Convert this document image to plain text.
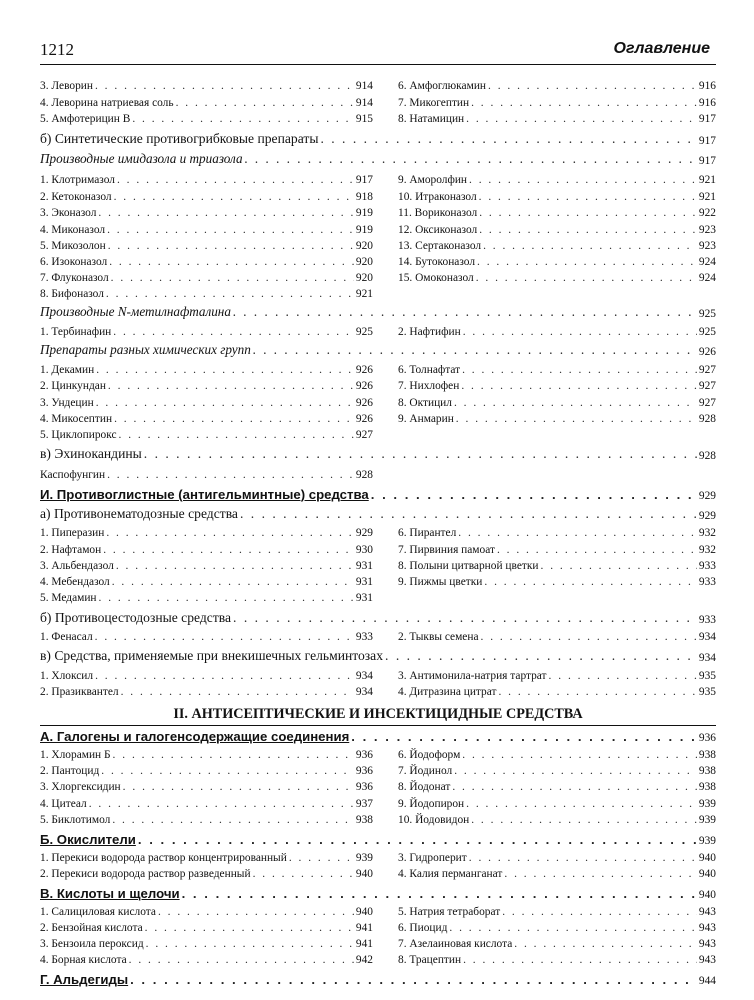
1212	Оглавление
3. Леворин . . .	914 6. Амфоглюкамин . . .	916
4. Леворина натриевая соль . . .	914 7. Микогептин . . .	916
5. Амфотерицин В . . .	915 8. Натамицин . . .	917
б) Синтетические противогрибковые препараты . . .	917
Производные имидазола и триазола . . .	917
1. Клотримазол . . .	917 9. Аморолфин . . .	921
2. Кетоконазол . . .	918 10. Итраконазол . . .	921
3. Эконазол . . .	919 11. Вориконазол . . .	922
4. Миконазол . . .	919 12. Оксиконазол . . .	923
5. Микозолон . . .	920 13. Сертаконазол . . .	923
6. Изоконазол . . .	920 14. Бутоконазол . . .	924
7. Флуконазол . . .	920 15. Омоконазол . . .	924
8. Бифоназол . . .	921
Производные N-метилнафталина . . .	925
1. Тербинафин . . .	925 2. Нафтифин . . .	925
Препараты разных химических групп . . .	926
1. Декамин . . .	926 6. Толнафтат . . .	927
2. Цинкундан . . .	926 7. Нихлофен . . .	927
3. Ундецин . . .	926 8. Октицил . . .	927
4. Микосептин . . .	926 9. Анмарин . . .	928
5. Циклопирокс . . .	927
в) Эхинокандины . . .	928
Каспофунгин . . .	928
И. Противоглистные (антигельминтные) средства . . .	929
а) Противонематодозные средства . . .	929
1. Пиперазин . . .	929 6. Пирантел . . .	932
2. Нафтамон . . .	930 7. Пирвиния памоат . . .	932
3. Альбендазол . . .	931 8. Полыни цитварной цветки . . .	933
4. Мебендазол . . .	931 9. Пижмы цветки . . .	933
5. Медамин . . .	931
б) Противоцестодозные средства . . .	933
1. Фенасал . . .	933 2. Тыквы семена . . .	934
в) Средства, применяемые при внекишечных гельминтозах . . .	934
1. Хлоксил . . .	934 3. Антимонила-натрия тартрат . . .	935
2. Празиквантел . . .	934 4. Дитразина цитрат . . .	935
II. АНТИСЕПТИЧЕСКИЕ И ИНСЕКТИЦИДНЫЕ СРЕДСТВА
А. Галогены и галогенсодержащие соединения . . .	936
1. Хлорамин Б . . .	936 6. Йодоформ . . .	938
2. Пантоцид . . .	936 7. Йодинол . . .	938
3. Хлоргексидин . . .	936 8. Йодонат . . .	938
4. Цитеал . . .	937 9. Йодопирон . . .	939
5. Биклотимол . . .	938 10. Йодовидон . . .	939
Б. Окислители . . .	939
1. Перекиси водорода раствор концентрированный . . .	939 3. Гидроперит . . .	940
2. Перекиси водорода раствор разведенный . . .	940 4. Калия перманганат . . .	940
В. Кислоты и щелочи . . .	940
1. Салициловая кислота . . .	940 5. Натрия тетраборат . . .	943
2. Бензойная кислота . . .	941 6. Пиоцид . . .	943
3. Бензоила пероксид . . .	941 7. Азелаиновая кислота . . .	943
4. Борная кислота . . .	942 8. Трацептин . . .	943
Г. Альдегиды . . .	944
